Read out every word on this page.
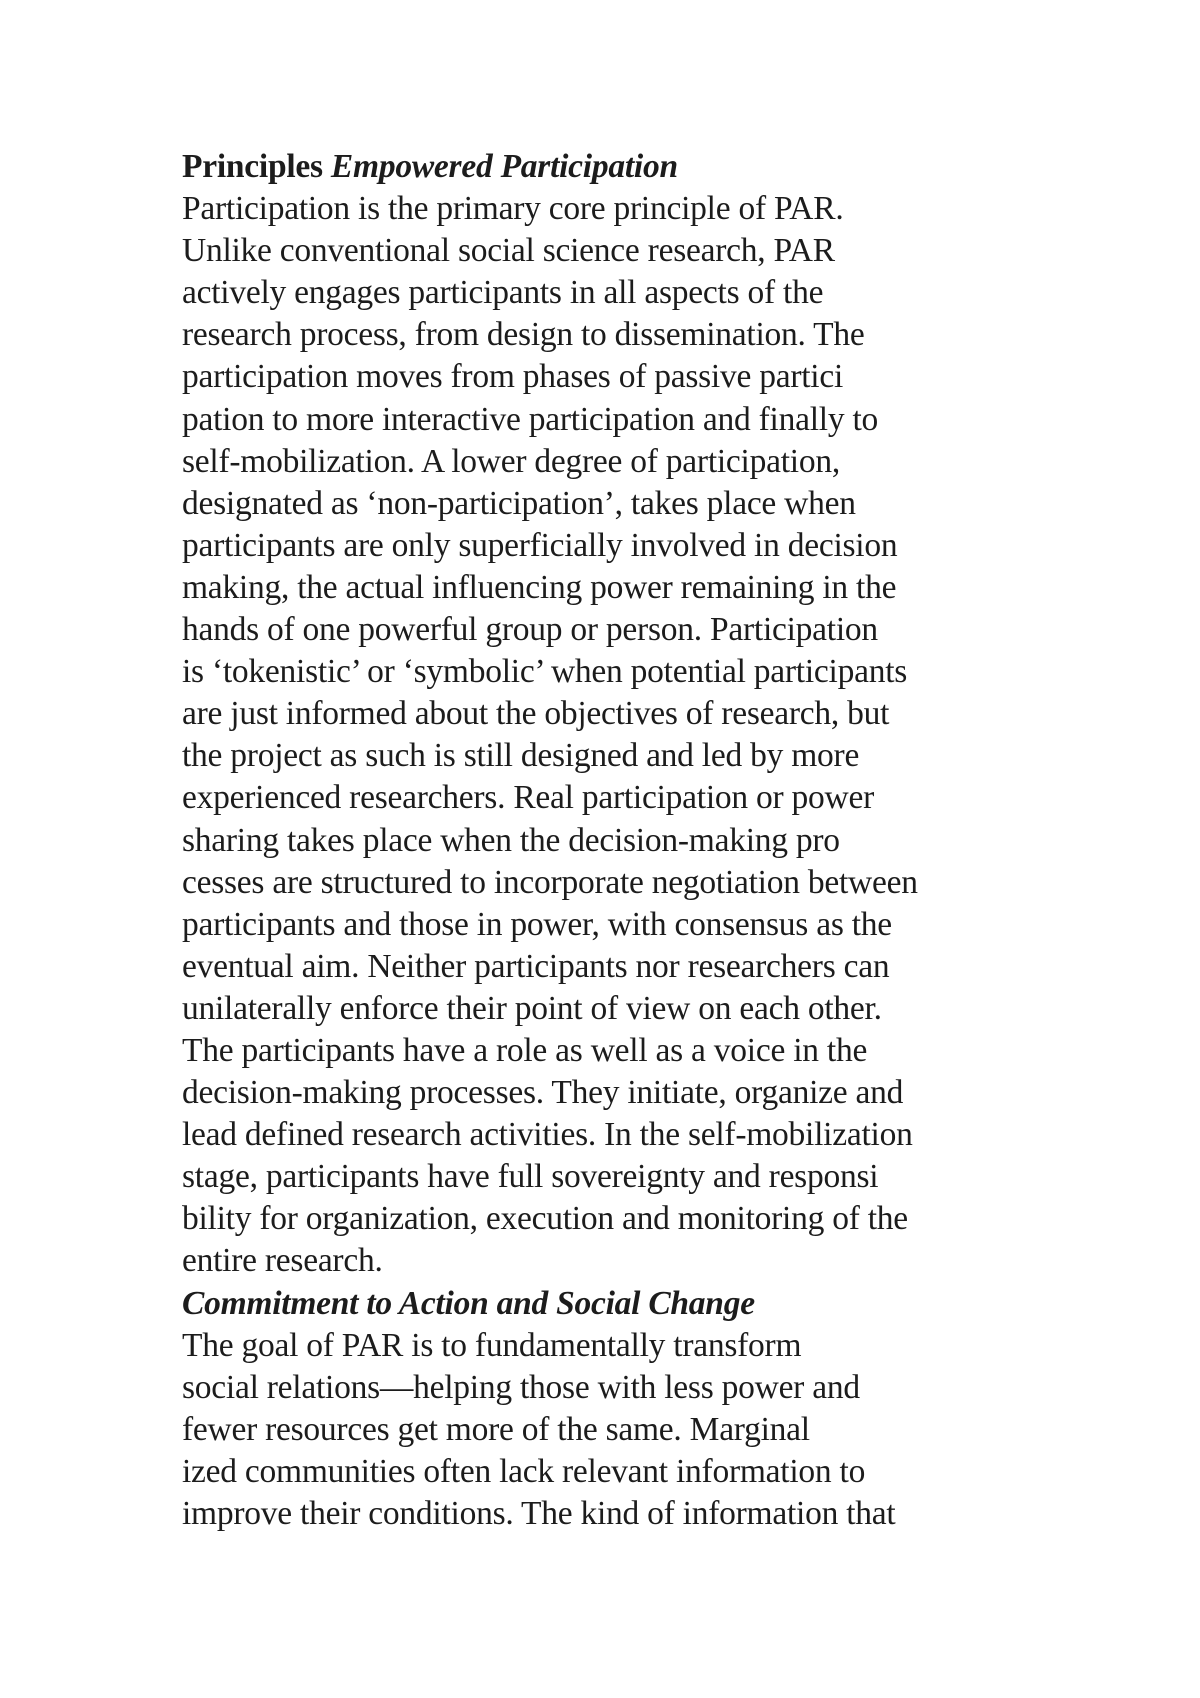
Principles Empowered Participation
Participation is the primary core principle of PAR.
Unlike conventional social science research, PAR
actively engages participants in all aspects of the
research process, from design to dissemination. The
participation moves from phases of passive partici
pation to more interactive participation and finally to
self-mobilization. A lower degree of participation,
designated as ‘non-participation’, takes place when
participants are only superficially involved in decision
making, the actual influencing power remaining in the
hands of one powerful group or person. Participation
is ‘tokenistic’ or ‘symbolic’ when potential participants
are just informed about the objectives of research, but
the project as such is still designed and led by more
experienced researchers. Real participation or power
sharing takes place when the decision-making pro
cesses are structured to incorporate negotiation between
participants and those in power, with consensus as the
eventual aim. Neither participants nor researchers can
unilaterally enforce their point of view on each other.
The participants have a role as well as a voice in the
decision-making processes. They initiate, organize and
lead defined research activities. In the self-mobilization
stage, participants have full sovereignty and responsi
bility for organization, execution and monitoring of the
entire research.
Commitment to Action and Social Change
The goal of PAR is to fundamentally transform
social relations—helping those with less power and
fewer resources get more of the same. Marginal
ized communities often lack relevant information to
improve their conditions. The kind of information that
